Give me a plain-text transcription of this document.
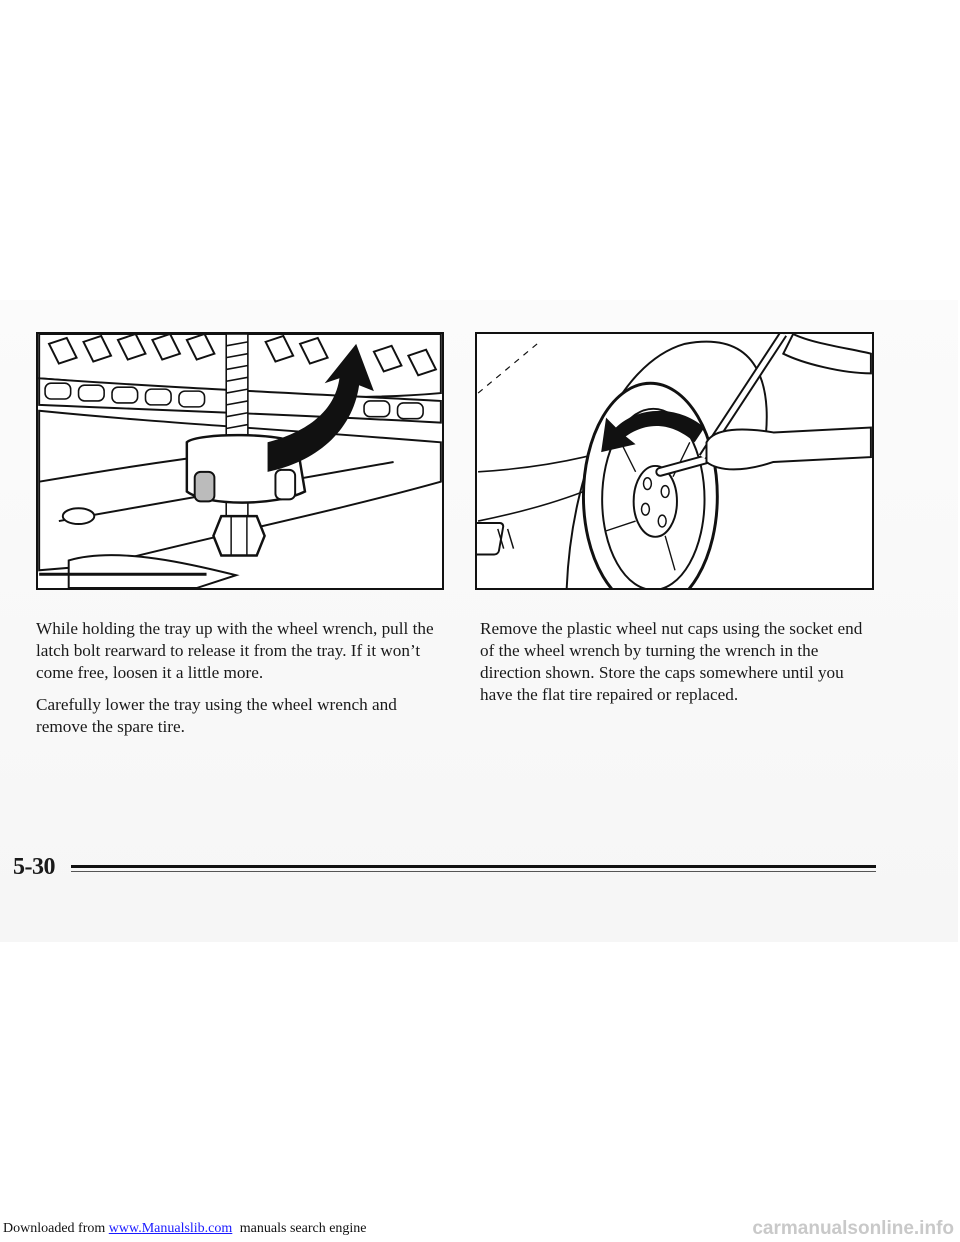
While holding the tray up with the wheel wrench, pull the latch bolt rearward to release it from the tray. If it won’t come free, loosen it a little more.

Carefully lower the tray using the wheel wrench and remove the spare tire.

Remove the plastic wheel nut caps using the socket end of the wheel wrench by turning the wrench in the direction shown. Store the caps somewhere until you have the flat tire repaired or replaced.

5-30
Downloaded from www.Manualslib.com manuals search engine	carmanualsonline.info
